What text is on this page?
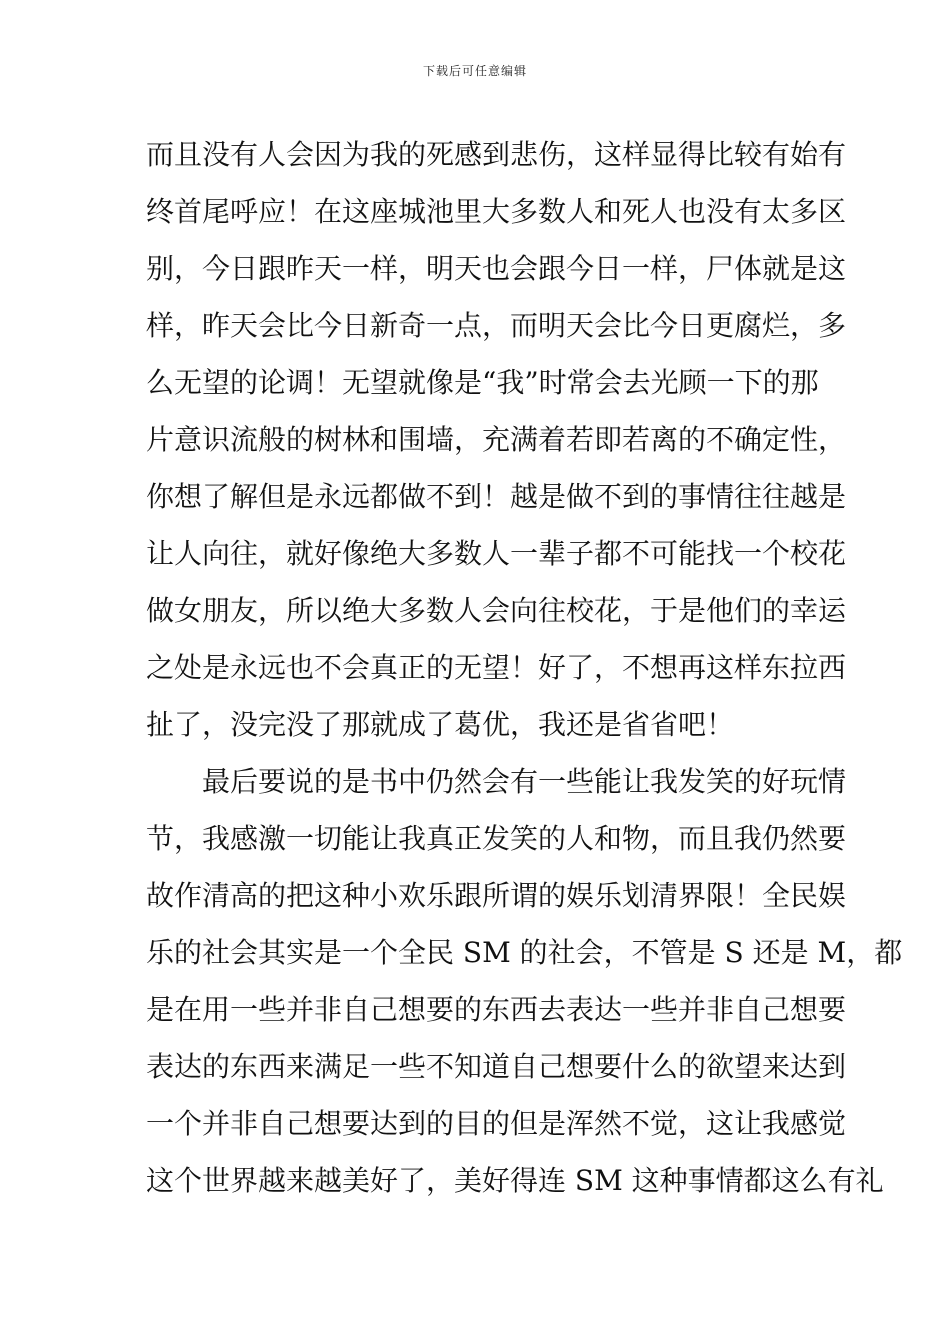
下载后可任意编辑
而且没有人会因为我的死感到悲伤，这样显得比较有始有
终首尾呼应！在这座城池里大多数人和死人也没有太多区
别，今日跟昨天一样，明天也会跟今日一样，尸体就是这
样，昨天会比今日新奇一点，而明天会比今日更腐烂，多
么无望的论调！无望就像是“我”时常会去光顾一下的那
片意识流般的树林和围墙，充满着若即若离的不确定性，
你想了解但是永远都做不到！越是做不到的事情往往越是
让人向往，就好像绝大多数人一辈子都不可能找一个校花
做女朋友，所以绝大多数人会向往校花，于是他们的幸运
之处是永远也不会真正的无望！好了，不想再这样东拉西
扯了，没完没了那就成了葛优，我还是省省吧！
最后要说的是书中仍然会有一些能让我发笑的好玩情
节，我感激一切能让我真正发笑的人和物，而且我仍然要
故作清高的把这种小欢乐跟所谓的娱乐划清界限！全民娱
乐的社会其实是一个全民 SM 的社会，不管是 S 还是 M，都
是在用一些并非自己想要的东西去表达一些并非自己想要
表达的东西来满足一些不知道自己想要什么的欲望来达到
一个并非自己想要达到的目的但是浑然不觉，这让我感觉
这个世界越来越美好了，美好得连 SM 这种事情都这么有礼
